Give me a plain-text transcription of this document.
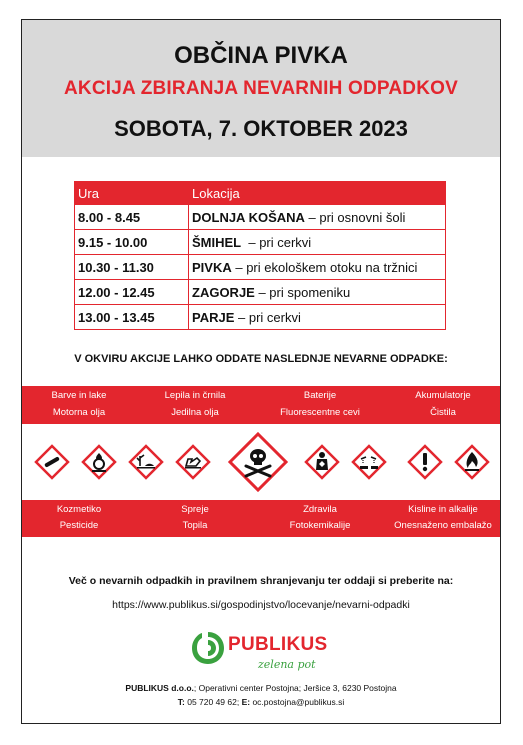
OBČINA PIVKA
AKCIJA ZBIRANJA NEVARNIH ODPADKOV
SOBOTA, 7. OKTOBER 2023
Ura	Lokacija
8.00 - 8.45	DOLNJA KOŠANA – pri osnovni šoli
9.15 - 10.00	ŠMIHEL  – pri cerkvi
10.30 - 11.30	PIVKA – pri ekološkem otoku na tržnici
12.00 - 12.45	ZAGORJE – pri spomeniku
13.00 - 13.45	PARJE – pri cerkvi
V OKVIRU AKCIJE LAHKO ODDATE NASLEDNJE NEVARNE ODPADKE:
Barve in lake	Lepila in črnila	Baterije	Akumulatorje
Motorna olja	Jedilna olja	Fluorescentne cevi	Čistila
Kozmetiko	Spreje	Zdravila	Kisline in alkalije
Pesticide	Topila	Fotokemikalije	Onesnaženo embalažo
Več o nevarnih odpadkih in pravilnem shranjevanju ter oddaji si preberite na:
https://www.publikus.si/gospodinjstvo/locevanje/nevarni-odpadki
PUBLIKUS
zelena pot
PUBLIKUS d.o.o.; Operativni center Postojna; Jeršice 3, 6230 Postojna
T: 05 720 49 62; E: oc.postojna@publikus.si
